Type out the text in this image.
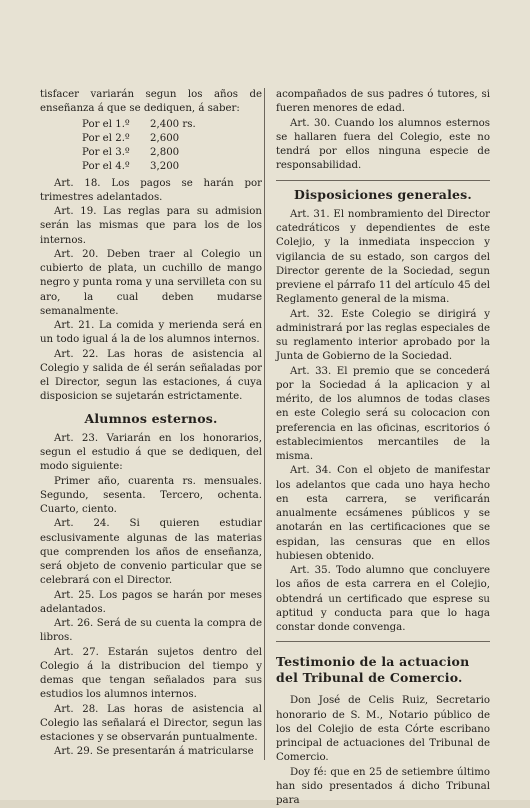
tisfacer variarán segun los años de enseñanza á que se dediquen, á saber:

Por el 1.º	2,400 rs.
Por el 2.º	2,600
Por el 3.º	2,800
Por el 4.º	3,200

Art. 18. Los pagos se harán por trimestres adelantados.

Art. 19. Las reglas para su admision serán las mismas que para los de los internos.

Art. 20. Deben traer al Colegio un cubierto de plata, un cuchillo de mango negro y punta roma y una servilleta con su aro, la cual deben mudarse semanalmente.

Art. 21. La comida y merienda será en un todo igual á la de los alumnos internos.

Art. 22. Las horas de asistencia al Colegio y salida de él serán señaladas por el Director, segun las estaciones, á cuya disposicion se sujetarán estrictamente.

Alumnos esternos.

Art. 23. Variarán en los honorarios, segun el estudio á que se dediquen, del modo siguiente:

Primer año, cuarenta rs. mensuales. Segundo, sesenta. Tercero, ochenta. Cuarto, ciento.

Art. 24. Si quieren estudiar esclusivamente algunas de las materias que comprenden los años de enseñanza, será objeto de convenio particular que se celebrará con el Director.

Art. 25. Los pagos se harán por meses adelantados.

Art. 26. Será de su cuenta la compra de libros.

Art. 27. Estarán sujetos dentro del Colegio á la distribucion del tiempo y demas que tengan señalados para sus estudios los alumnos internos.

Art. 28. Las horas de asistencia al Colegio las señalará el Director, segun las estaciones y se observarán puntualmente.

Art. 29. Se presentarán á matricularse

acompañados de sus padres ó tutores, si fueren menores de edad.

Art. 30. Cuando los alumnos esternos se hallaren fuera del Colegio, este no tendrá por ellos ninguna especie de responsabilidad.

Disposiciones generales.

Art. 31. El nombramiento del Director catedráticos y dependientes de este Colejio, y la inmediata inspeccion y vigilancia de su estado, son cargos del Director gerente de la Sociedad, segun previene el párrafo 11 del artículo 45 del Reglamento general de la misma.

Art. 32. Este Colegio se dirigirá y administrará por las reglas especiales de su reglamento interior aprobado por la Junta de Gobierno de la Sociedad.

Art. 33. El premio que se concederá por la Sociedad á la aplicacion y al mérito, de los alumnos de todas clases en este Colegio será su colocacion con preferencia en las oficinas, escritorios ó establecimientos mercantiles de la misma.

Art. 34. Con el objeto de manifestar los adelantos que cada uno haya hecho en esta carrera, se verificarán anualmente ecsámenes públicos y se anotarán en las certificaciones que se espidan, las censuras que en ellos hubiesen obtenido.

Art. 35. Todo alumno que concluyere los años de esta carrera en el Colejio, obtendrá un certificado que esprese su aptitud y conducta para que lo haga constar donde convenga.

Testimonio de la actuacion del Tribunal de Comercio.

Don José de Celis Ruiz, Secretario honorario de S. M., Notario público de los del Colejio de esta Córte escribano principal de actuaciones del Tribunal de Comercio.

Doy fé: que en 25 de setiembre último han sido presentados á dicho Tribunal para
